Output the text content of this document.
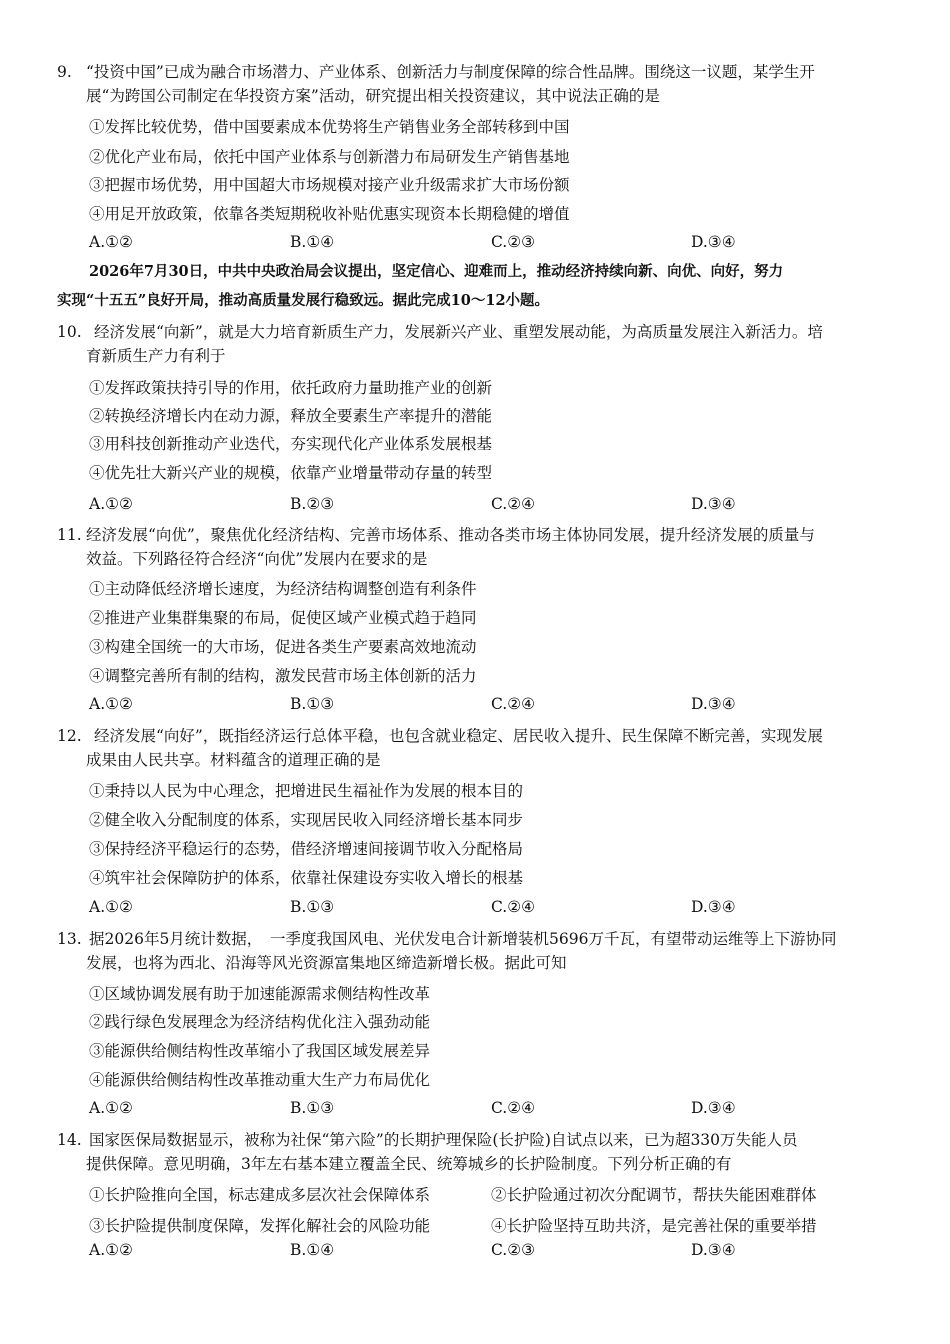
9. “投资中国”已成为融合市场潜力、产业体系、创新活力与制度保障的综合性品牌。围绕这一议题，某学生开
展“为跨国公司制定在华投资方案”活动，研究提出相关投资建议，其中说法正确的是
①发挥比较优势，借中国要素成本优势将生产销售业务全部转移到中国
②优化产业布局，依托中国产业体系与创新潜力布局研发生产销售基地
③把握市场优势，用中国超大市场规模对接产业升级需求扩大市场份额
④用足开放政策，依靠各类短期税收补贴优惠实现资本长期稳健的增值
A.①②	B.①④	C.②③	D.③④
2026年7月30日，中共中央政治局会议提出，坚定信心、迎难而上，推动经济持续向新、向优、向好，努力
实现“十五五”良好开局，推动高质量发展行稳致远。据此完成10～12小题。
10. 经济发展“向新”，就是大力培育新质生产力，发展新兴产业、重塑发展动能，为高质量发展注入新活力。培
育新质生产力有利于
①发挥政策扶持引导的作用，依托政府力量助推产业的创新
②转换经济增长内在动力源，释放全要素生产率提升的潜能
③用科技创新推动产业迭代，夯实现代化产业体系发展根基
④优先壮大新兴产业的规模，依靠产业增量带动存量的转型
A.①②	B.②③	C.②④	D.③④
11. 经济发展“向优”，聚焦优化经济结构、完善市场体系、推动各类市场主体协同发展，提升经济发展的质量与
效益。下列路径符合经济“向优”发展内在要求的是
①主动降低经济增长速度，为经济结构调整创造有利条件
②推进产业集群集聚的布局，促使区域产业模式趋于趋同
③构建全国统一的大市场，促进各类生产要素高效地流动
④调整完善所有制的结构，激发民营市场主体创新的活力
A.①②	B.①③	C.②④	D.③④
12. 经济发展“向好”，既指经济运行总体平稳，也包含就业稳定、居民收入提升、民生保障不断完善，实现发展
成果由人民共享。材料蕴含的道理正确的是
①秉持以人民为中心理念，把增进民生福祉作为发展的根本目的
②健全收入分配制度的体系，实现居民收入同经济增长基本同步
③保持经济平稳运行的态势，借经济增速间接调节收入分配格局
④筑牢社会保障防护的体系，依靠社保建设夯实收入增长的根基
A.①②	B.①③	C.②④	D.③④
13. 据2026年5月统计数据，　一季度我国风电、光伏发电合计新增装机5696万千瓦，有望带动运维等上下游协同
发展，也将为西北、沿海等风光资源富集地区缔造新增长极。据此可知
①区域协调发展有助于加速能源需求侧结构性改革
②践行绿色发展理念为经济结构优化注入强劲动能
③能源供给侧结构性改革缩小了我国区域发展差异
④能源供给侧结构性改革推动重大生产力布局优化
A.①②	B.①③	C.②④	D.③④
14. 国家医保局数据显示，被称为社保“第六险”的长期护理保险(长护险)自试点以来，已为超330万失能人员
提供保障。意见明确，3年左右基本建立覆盖全民、统筹城乡的长护险制度。下列分析正确的有
①长护险推向全国，标志建成多层次社会保障体系	②长护险通过初次分配调节，帮扶失能困难群体
③长护险提供制度保障，发挥化解社会的风险功能	④长护险坚持互助共济，是完善社保的重要举措
A.①②	B.①④	C.②③	D.③④
